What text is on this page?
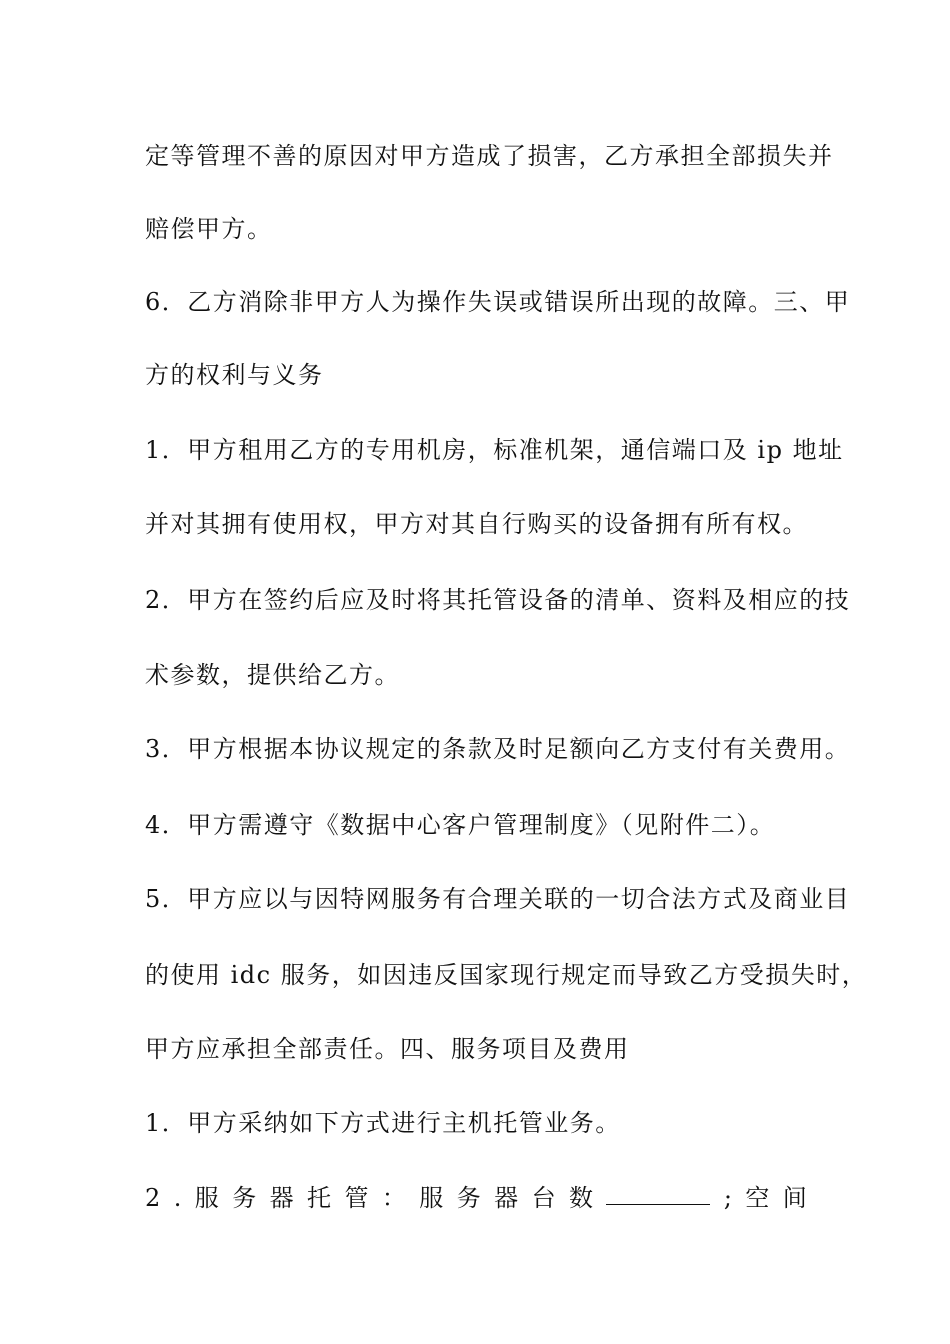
定等管理不善的原因对甲方造成了损害，乙方承担全部损失并
赔偿甲方。
6．乙方消除非甲方人为操作失误或错误所出现的故障。三、甲
方的权利与义务
1．甲方租用乙方的专用机房，标准机架，通信端口及 ip 地址
并对其拥有使用权，甲方对其自行购买的设备拥有所有权。
2．甲方在签约后应及时将其托管设备的清单、资料及相应的技
术参数，提供给乙方。
3．甲方根据本协议规定的条款及时足额向乙方支付有关费用。
4．甲方需遵守《数据中心客户管理制度》（见附件二）。
5．甲方应以与因特网服务有合理关联的一切合法方式及商业目
的使用 idc 服务，如因违反国家现行规定而导致乙方受损失时，
甲方应承担全部责任。四、服务项目及费用
1．甲方采纳如下方式进行主机托管业务。
2 . 服 务 器 托 管 ： 服 务 器 台 数	; 空 间
